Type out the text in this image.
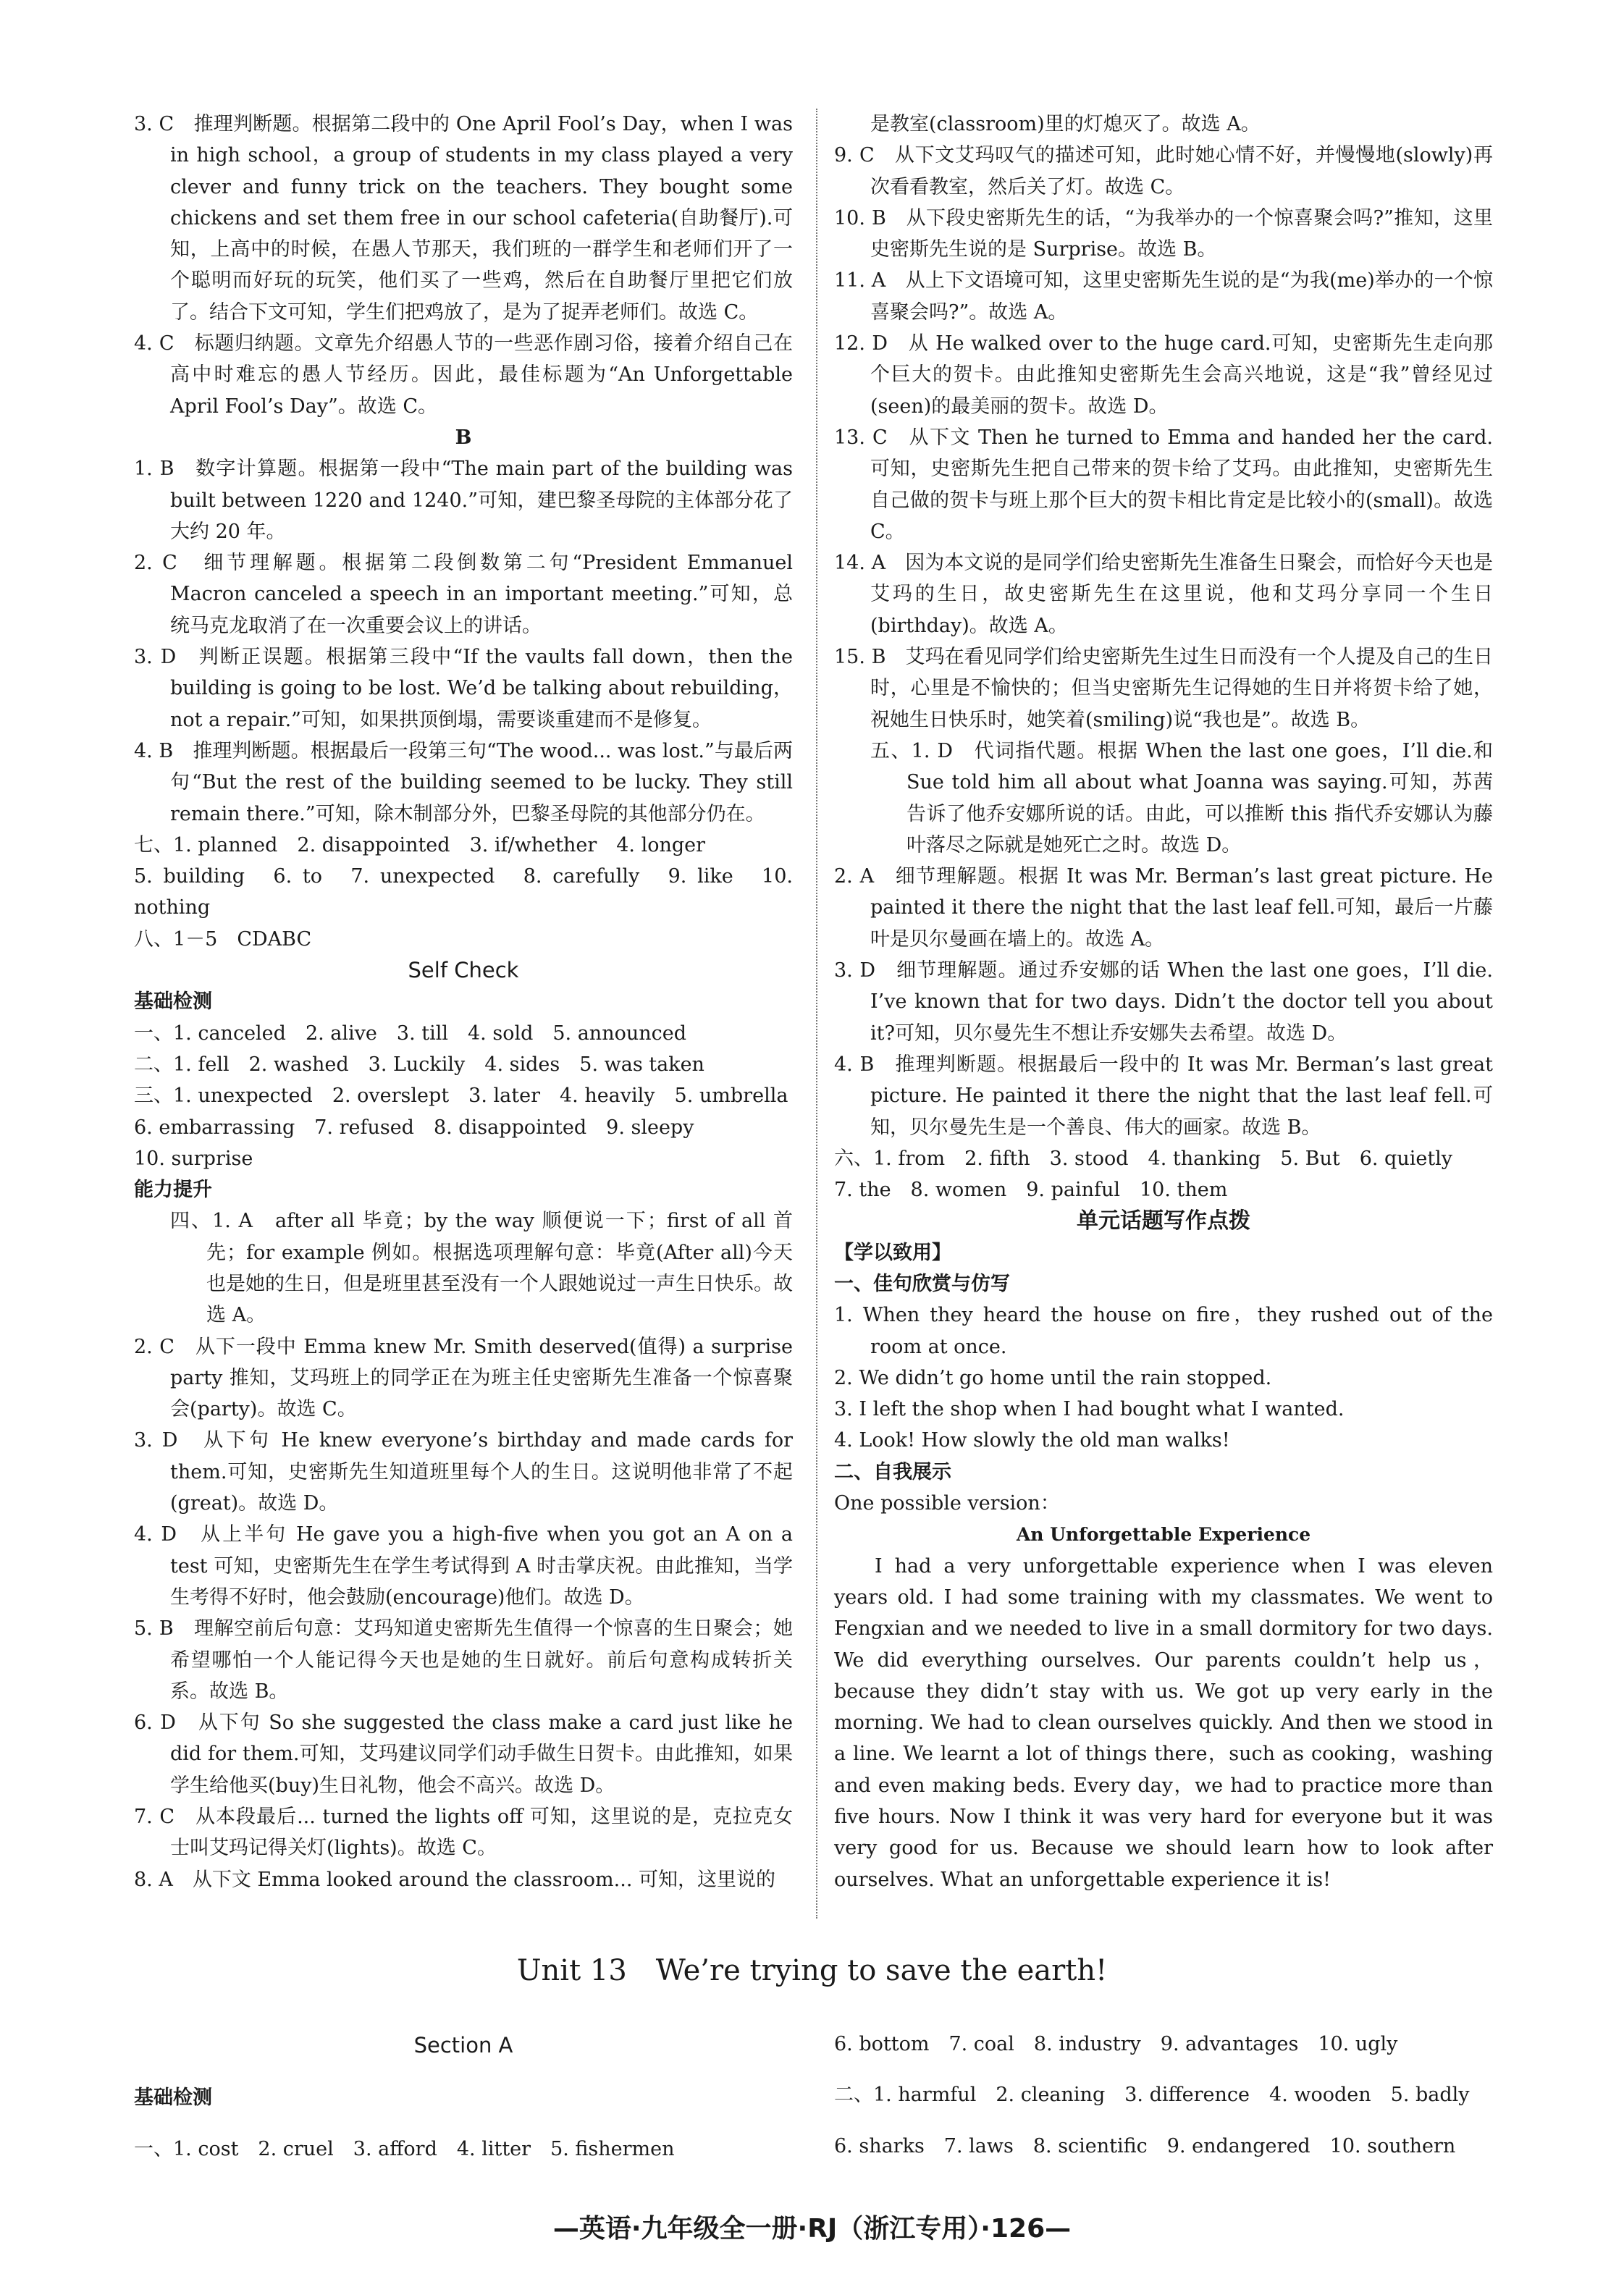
3. C　推理判断题。根据第二段中的 One April Fool’s Day，when I was in high school，a group of students in my class played a very clever and funny trick on the teachers. They bought some chickens and set them free in our school cafeteria(自助餐厅).可知，上高中的时候，在愚人节那天，我们班的一群学生和老师们开了一个聪明而好玩的玩笑，他们买了一些鸡，然后在自助餐厅里把它们放了。结合下文可知，学生们把鸡放了，是为了捉弄老师们。故选 C。

4. C　标题归纳题。文章先介绍愚人节的一些恶作剧习俗，接着介绍自己在高中时难忘的愚人节经历。因此，最佳标题为“An Unforgettable April Fool’s Day”。故选 C。

B

1. B　数字计算题。根据第一段中“The main part of the building was built between 1220 and 1240.”可知，建巴黎圣母院的主体部分花了大约 20 年。

2. C　细节理解题。根据第二段倒数第二句“President Emmanuel Macron canceled a speech in an important meeting.”可知，总统马克龙取消了在一次重要会议上的讲话。

3. D　判断正误题。根据第三段中“If the vaults fall down，then the building is going to be lost. We’d be talking about rebuilding，not a repair.”可知，如果拱顶倒塌，需要谈重建而不是修复。

4. B　推理判断题。根据最后一段第三句“The wood... was lost.”与最后两句“But the rest of the building seemed to be lucky. They still remain there.”可知，除木制部分外，巴黎圣母院的其他部分仍在。

七、1. planned　2. disappointed　3. if/whether　4. longer

5. building　6. to　7. unexpected　8. carefully　9. like　10. nothing

八、1－5　CDABC

Self Check

基础检测

一、1. canceled　2. alive　3. till　4. sold　5. announced

二、1. fell　2. washed　3. Luckily　4. sides　5. was taken

三、1. unexpected　2. overslept　3. later　4. heavily　5. umbrella

6. embarrassing　7. refused　8. disappointed　9. sleepy

10. surprise

能力提升

四、1. A　after all 毕竟；by the way 顺便说一下；first of all 首先；for example 例如。根据选项理解句意：毕竟(After all)今天也是她的生日，但是班里甚至没有一个人跟她说过一声生日快乐。故选 A。

2. C　从下一段中 Emma knew Mr. Smith deserved(值得) a surprise party 推知，艾玛班上的同学正在为班主任史密斯先生准备一个惊喜聚会(party)。故选 C。

3. D　从下句 He knew everyone’s birthday and made cards for them.可知，史密斯先生知道班里每个人的生日。这说明他非常了不起(great)。故选 D。

4. D　从上半句 He gave you a high-five when you got an A on a test 可知，史密斯先生在学生考试得到 A 时击掌庆祝。由此推知，当学生考得不好时，他会鼓励(encourage)他们。故选 D。

5. B　理解空前后句意：艾玛知道史密斯先生值得一个惊喜的生日聚会；她希望哪怕一个人能记得今天也是她的生日就好。前后句意构成转折关系。故选 B。

6. D　从下句 So she suggested the class make a card just like he did for them.可知，艾玛建议同学们动手做生日贺卡。由此推知，如果学生给他买(buy)生日礼物，他会不高兴。故选 D。

7. C　从本段最后... turned the lights off 可知，这里说的是，克拉克女士叫艾玛记得关灯(lights)。故选 C。

8. A　从下文 Emma looked around the classroom... 可知，这里说的

是教室(classroom)里的灯熄灭了。故选 A。

9. C　从下文艾玛叹气的描述可知，此时她心情不好，并慢慢地(slowly)再次看看教室，然后关了灯。故选 C。

10. B　从下段史密斯先生的话，“为我举办的一个惊喜聚会吗?”推知，这里史密斯先生说的是 Surprise。故选 B。

11. A　从上下文语境可知，这里史密斯先生说的是“为我(me)举办的一个惊喜聚会吗?”。故选 A。

12. D　从 He walked over to the huge card.可知，史密斯先生走向那个巨大的贺卡。由此推知史密斯先生会高兴地说，这是“我”曾经见过(seen)的最美丽的贺卡。故选 D。

13. C　从下文 Then he turned to Emma and handed her the card.可知，史密斯先生把自己带来的贺卡给了艾玛。由此推知，史密斯先生自己做的贺卡与班上那个巨大的贺卡相比肯定是比较小的(small)。故选 C。

14. A　因为本文说的是同学们给史密斯先生准备生日聚会，而恰好今天也是艾玛的生日，故史密斯先生在这里说，他和艾玛分享同一个生日(birthday)。故选 A。

15. B　艾玛在看见同学们给史密斯先生过生日而没有一个人提及自己的生日时，心里是不愉快的；但当史密斯先生记得她的生日并将贺卡给了她，祝她生日快乐时，她笑着(smiling)说“我也是”。故选 B。

五、1. D　代词指代题。根据 When the last one goes，I’ll die.和 Sue told him all about what Joanna was saying.可知，苏茜告诉了他乔安娜所说的话。由此，可以推断 this 指代乔安娜认为藤叶落尽之际就是她死亡之时。故选 D。

2. A　细节理解题。根据 It was Mr. Berman’s last great picture. He painted it there the night that the last leaf fell.可知，最后一片藤叶是贝尔曼画在墙上的。故选 A。

3. D　细节理解题。通过乔安娜的话 When the last one goes，I’ll die. I’ve known that for two days. Didn’t the doctor tell you about it?可知，贝尔曼先生不想让乔安娜失去希望。故选 D。

4. B　推理判断题。根据最后一段中的 It was Mr. Berman’s last great picture. He painted it there the night that the last leaf fell.可知，贝尔曼先生是一个善良、伟大的画家。故选 B。

六、1. from　2. fifth　3. stood　4. thanking　5. But　6. quietly

7. the　8. women　9. painful　10. them

单元话题写作点拨

【学以致用】

一、佳句欣赏与仿写

1. When they heard the house on fire，they rushed out of the room at once.

2. We didn’t go home until the rain stopped.

3. I left the shop when I had bought what I wanted.

4. Look! How slowly the old man walks!

二、自我展示

One possible version：

An Unforgettable Experience

I had a very unforgettable experience when I was eleven years old. I had some training with my classmates. We went to Fengxian and we needed to live in a small dormitory for two days. We did everything ourselves. Our parents couldn’t help us，because they didn’t stay with us. We got up very early in the morning. We had to clean ourselves quickly. And then we stood in a line. We learnt a lot of things there，such as cooking，washing and even making beds. Every day，we had to practice more than five hours. Now I think it was very hard for everyone but it was very good for us. Because we should learn how to look after ourselves. What an unforgettable experience it is!

Unit 13　We’re trying to save the earth!

Section A

基础检测

一、1. cost　2. cruel　3. afford　4. litter　5. fishermen

6. bottom　7. coal　8. industry　9. advantages　10. ugly

二、1. harmful　2. cleaning　3. difference　4. wooden　5. badly

6. sharks　7. laws　8. scientific　9. endangered　10. southern

—英语·九年级全一册·RJ（浙江专用）·126—
